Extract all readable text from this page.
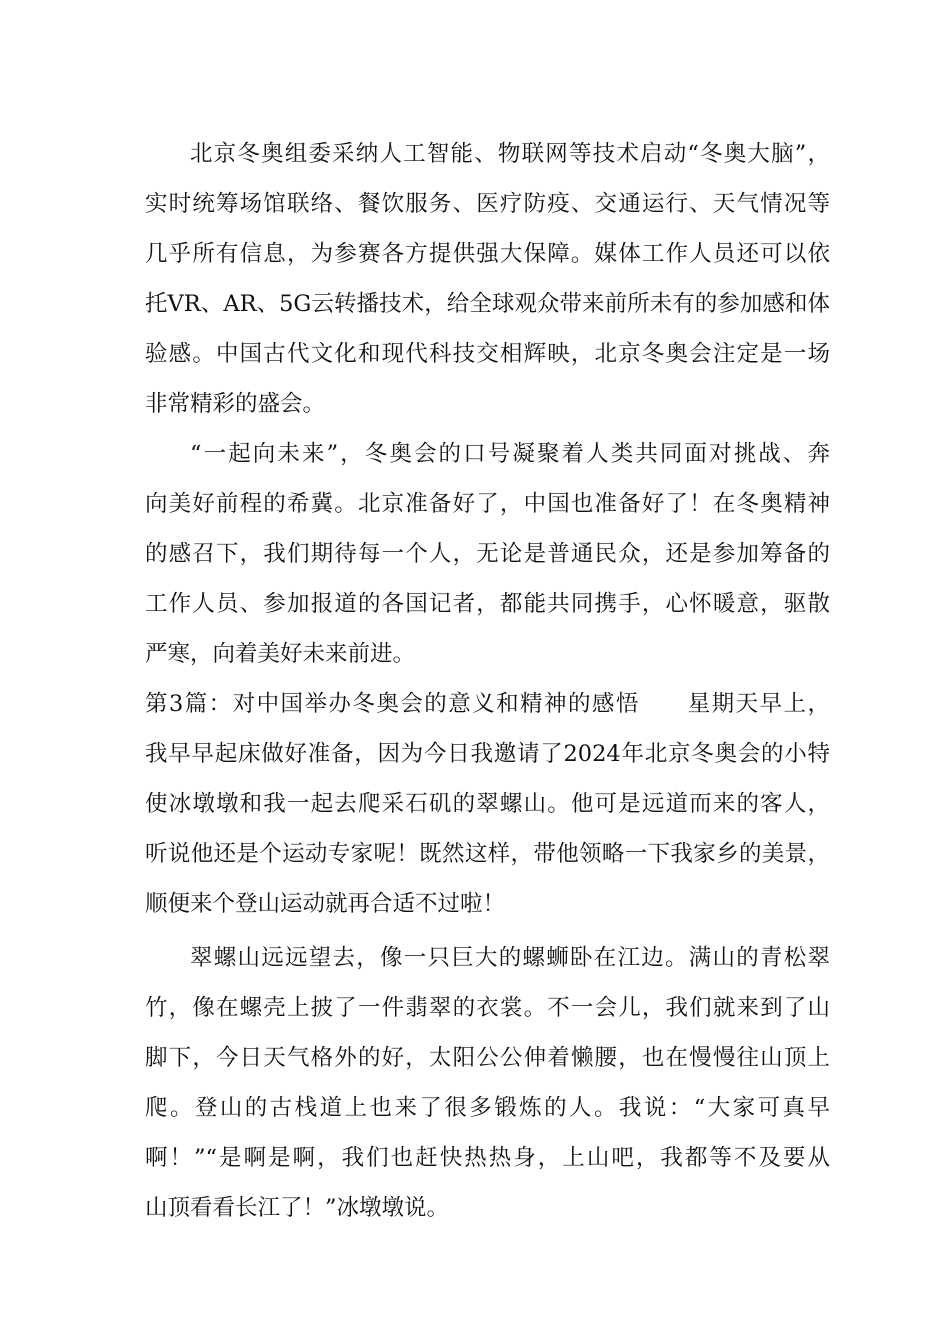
北京冬奥组委采纳人工智能、物联网等技术启动“冬奥大脑”，
实时统筹场馆联络、餐饮服务、医疗防疫、交通运行、天气情况等
几乎所有信息，为参赛各方提供强大保障。媒体工作人员还可以依
托VR、AR、5G云转播技术，给全球观众带来前所未有的参加感和体
验感。中国古代文化和现代科技交相辉映，北京冬奥会注定是一场
非常精彩的盛会。
“一起向未来”，冬奥会的口号凝聚着人类共同面对挑战、奔
向美好前程的希冀。北京准备好了，中国也准备好了！在冬奥精神
的感召下，我们期待每一个人，无论是普通民众，还是参加筹备的
工作人员、参加报道的各国记者，都能共同携手，心怀暖意，驱散
严寒，向着美好未来前进。
第3篇：对中国举办冬奥会的意义和精神的感悟　　星期天早上，
我早早起床做好准备，因为今日我邀请了2024年北京冬奥会的小特
使冰墩墩和我一起去爬采石矶的翠螺山。他可是远道而来的客人，
听说他还是个运动专家呢！既然这样，带他领略一下我家乡的美景，
顺便来个登山运动就再合适不过啦！
翠螺山远远望去，像一只巨大的螺蛳卧在江边。满山的青松翠
竹，像在螺壳上披了一件翡翠的衣裳。不一会儿，我们就来到了山
脚下，今日天气格外的好，太阳公公伸着懒腰，也在慢慢往山顶上
爬。登山的古栈道上也来了很多锻炼的人。我说：“大家可真早
啊！”“是啊是啊，我们也赶快热热身，上山吧，我都等不及要从
山顶看看长江了！”冰墩墩说。
